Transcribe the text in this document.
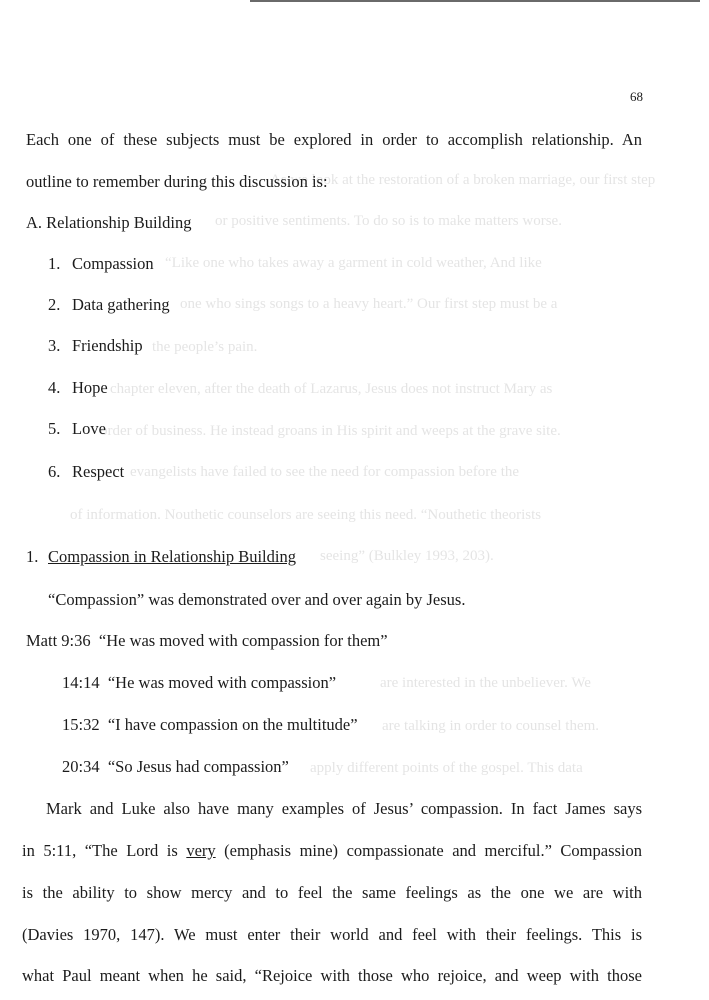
As we look at the restoration of a broken marriage, our first step
or positive sentiments. To do so is to make matters worse.
“Like one who takes away a garment in cold weather, And like
one who sings songs to a heavy heart.” Our first step must be a
the people’s pain.
chapter eleven, after the death of Lazarus, Jesus does not instruct Mary as
order of business. He instead groans in His spirit and weeps at the grave site.
evangelists have failed to see the need for compassion before the
of information. Nouthetic counselors are seeing this need. “Nouthetic theorists
seeing” (Bulkley 1993, 203).
are interested in the unbeliever. We
are talking in order to counsel them.
apply different points of the gospel. This data
68
Each one of these subjects must be explored in order to accomplish relationship. An
outline to remember during this discussion is:
A. Relationship Building
1. Compassion
2. Data gathering
3. Friendship
4. Hope
5. Love
6. Respect
1. Compassion in Relationship Building
“Compassion” was demonstrated over and over again by Jesus.
Matt 9:36 “He was moved with compassion for them”
14:14 “He was moved with compassion”
15:32 “I have compassion on the multitude”
20:34 “So Jesus had compassion”
Mark and Luke also have many examples of Jesus’ compassion. In fact James says
in 5:11, “The Lord is very (emphasis mine) compassionate and merciful.” Compassion
is the ability to show mercy and to feel the same feelings as the one we are with
(Davies 1970, 147). We must enter their world and feel with their feelings. This is
what Paul meant when he said, “Rejoice with those who rejoice, and weep with those
